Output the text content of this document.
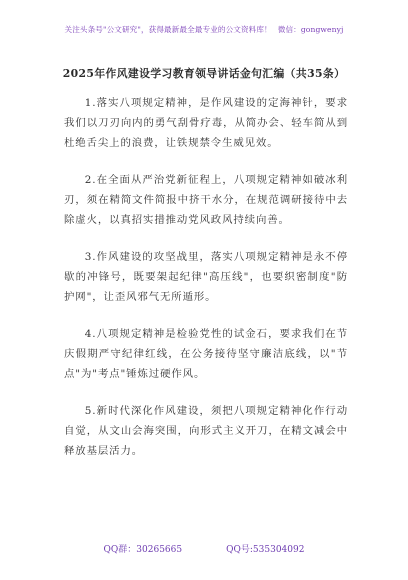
关注头条号"公文研究"，获得最新最全最专业的公文资料库！ 微信：gongwenyj
2025年作风建设学习教育领导讲话金句汇编（共35条）

1.落实八项规定精神，是作风建设的定海神针，要求我们以刀刃向内的勇气刮骨疗毒，从简办会、轻车简从到杜绝舌尖上的浪费，让铁规禁令生威见效。

2.在全面从严治党新征程上，八项规定精神如破冰利刃，须在精简文件简报中挤干水分，在规范调研接待中去除虚火，以真招实措推动党风政风持续向善。

3.作风建设的攻坚战里，落实八项规定精神是永不停歇的冲锋号，既要架起纪律"高压线"，也要织密制度"防护网"，让歪风邪气无所遁形。

4.八项规定精神是检验党性的试金石，要求我们在节庆假期严守纪律红线，在公务接待坚守廉洁底线，以"节点"为"考点"锤炼过硬作风。

5.新时代深化作风建设，须把八项规定精神化作行动自觉，从文山会海突围，向形式主义开刀，在精文减会中释放基层活力。

QQ群：30265665	QQ号:535304092
